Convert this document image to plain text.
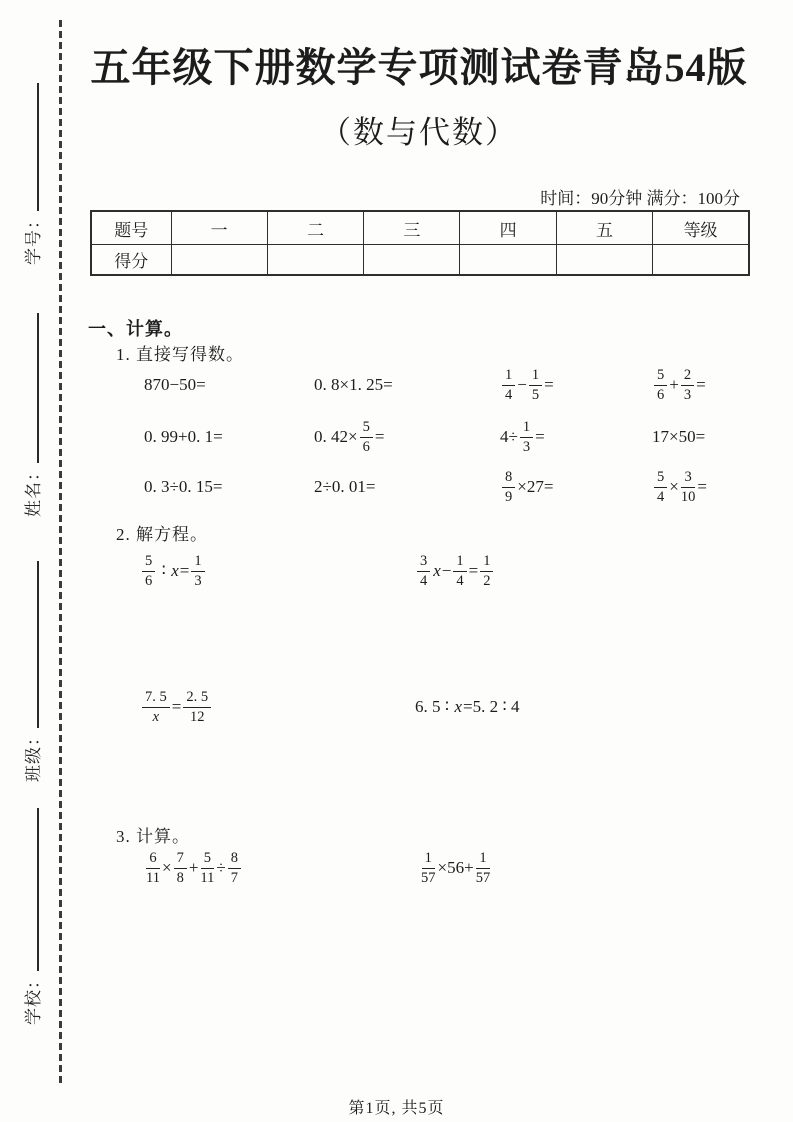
学号：
姓名：
班级：
学校：
五年级下册数学专项测试卷青岛54版
（数与代数）
时间：90分钟 满分：100分
题号	一	二	三	四	五	等级
得分						
一、计算。
1. 直接写得数。
870−50=	0. 8×1. 25=	$\frac{1}{4} - \frac{1}{5}$ =	$\frac{5}{6} + \frac{2}{3}$ =
0. 99+0. 1=	0. $42\times \frac{5}{6}$ =	$4\div \frac{1}{3}$ =	17×50=
0. 3÷0. 15=	2÷0. 01=	$\frac{8}{9} \times 27=$	$\frac{5}{4} \times \frac{3}{10}$ =
2. 解方程。
$\frac{5}{6}$ ∶ $x = \frac{1}{3}$	$\frac{3}{4}$ $x - \frac{1}{4} = \frac{1}{2}$
$\frac{7. 5}{x} = \frac{2. 5}{12}$	6. 5 ∶ x =5. 2 ∶ 4
3. 计算。
$\frac{6}{11} \times \frac{7}{8} + \frac{5}{11} \div \frac{8}{7}$	$\frac{1}{57} \times 56+ \frac{1}{57}$
第1页, 共5页
